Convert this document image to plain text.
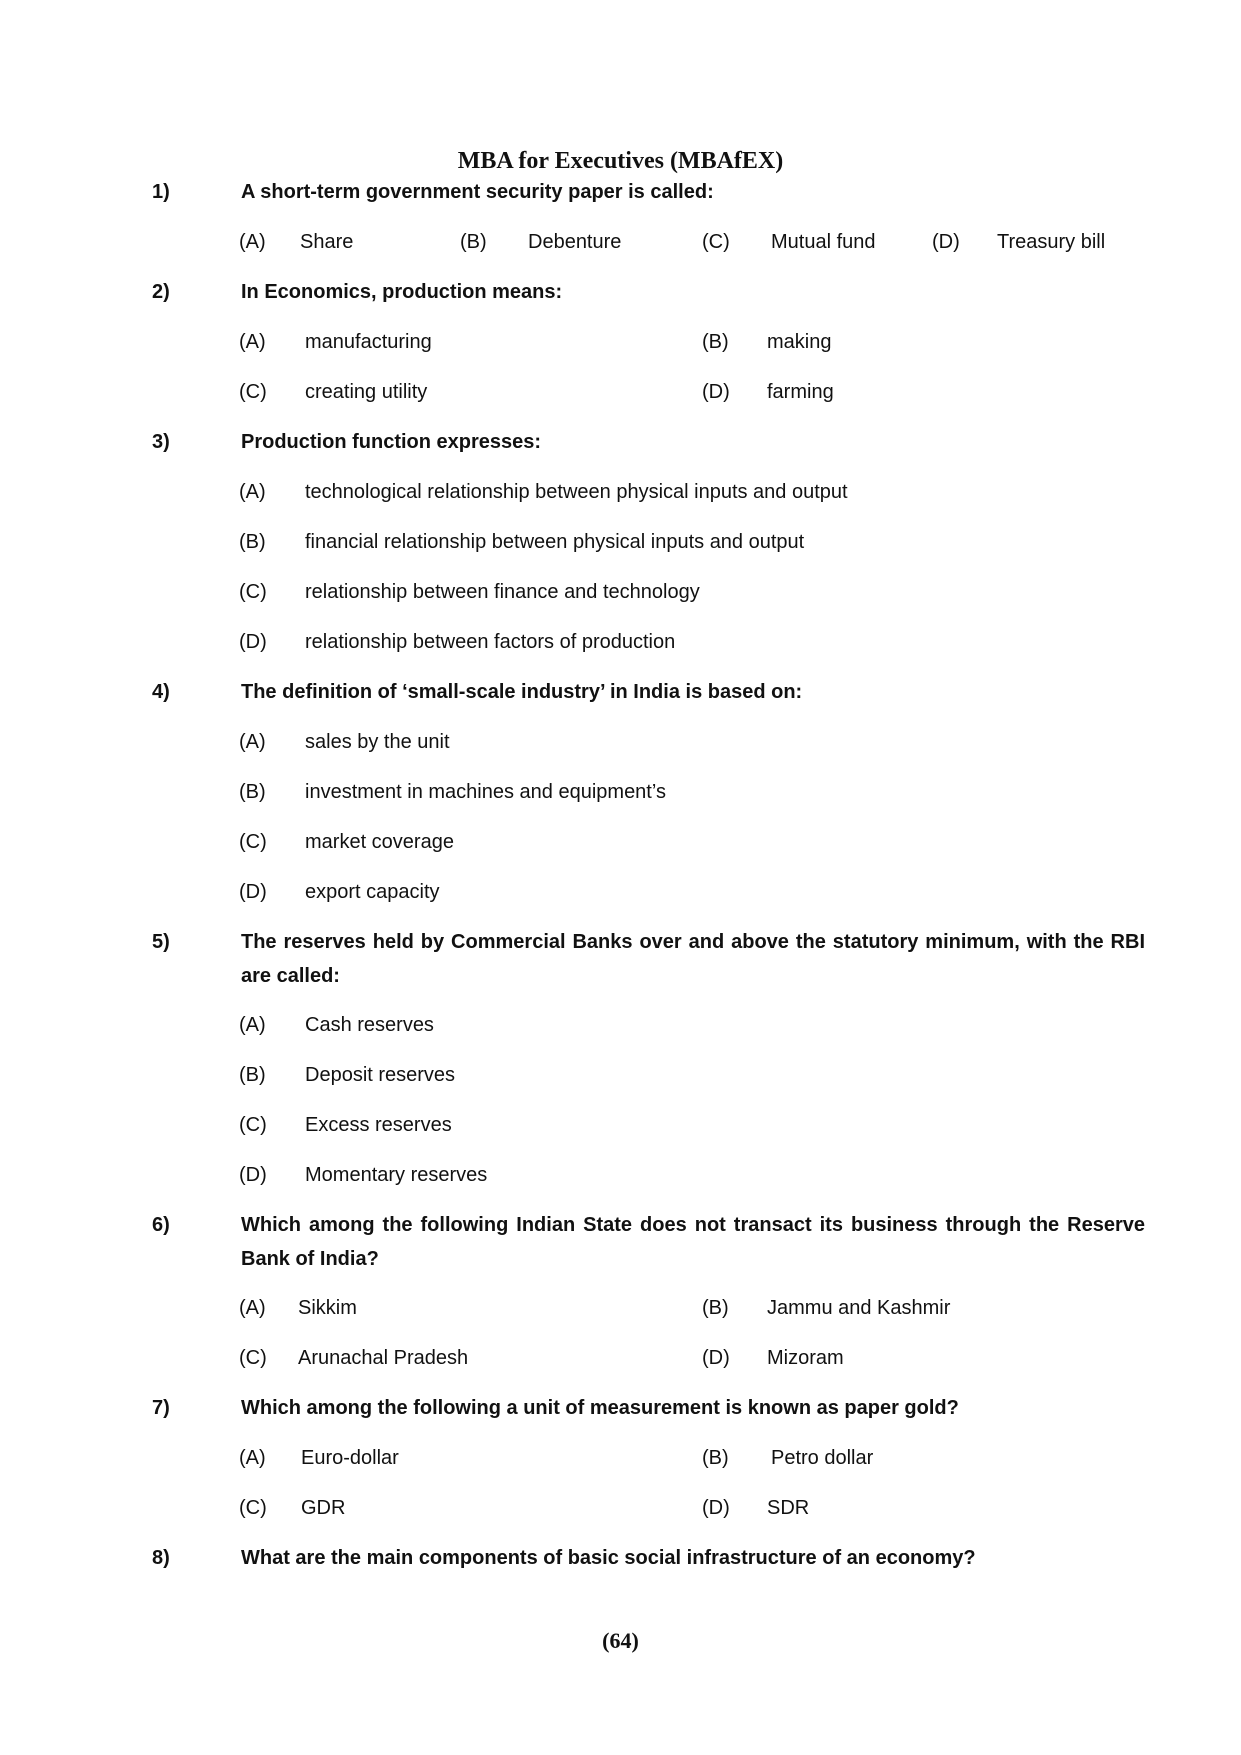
MBA for Executives (MBAfEX)
1)	A short-term government security paper is called:
(A) Share	(B) Debenture	(C) Mutual fund	(D) Treasury bill
2)	In Economics, production means:
(A) manufacturing	(B) making
(C) creating utility	(D) farming
3)	Production function expresses:
(A) technological relationship between physical inputs and output
(B) financial relationship between physical inputs and output
(C) relationship between finance and technology
(D) relationship between factors of production
4)	The definition of ‘small-scale industry’ in India is based on:
(A) sales by the unit
(B) investment in machines and equipment’s
(C) market coverage
(D) export capacity
5)	The reserves held by Commercial Banks over and above the statutory minimum, with the RBI are called:
(A) Cash reserves
(B) Deposit reserves
(C) Excess reserves
(D) Momentary reserves
6)	Which among the following Indian State does not transact its business through the Reserve Bank of India?
(A) Sikkim	(B) Jammu and Kashmir
(C) Arunachal Pradesh	(D) Mizoram
7)	Which among the following a unit of measurement is known as paper gold?
(A) Euro-dollar	(B) Petro dollar
(C) GDR	(D) SDR
8)	What are the main components of basic social infrastructure of an economy?
(64)
